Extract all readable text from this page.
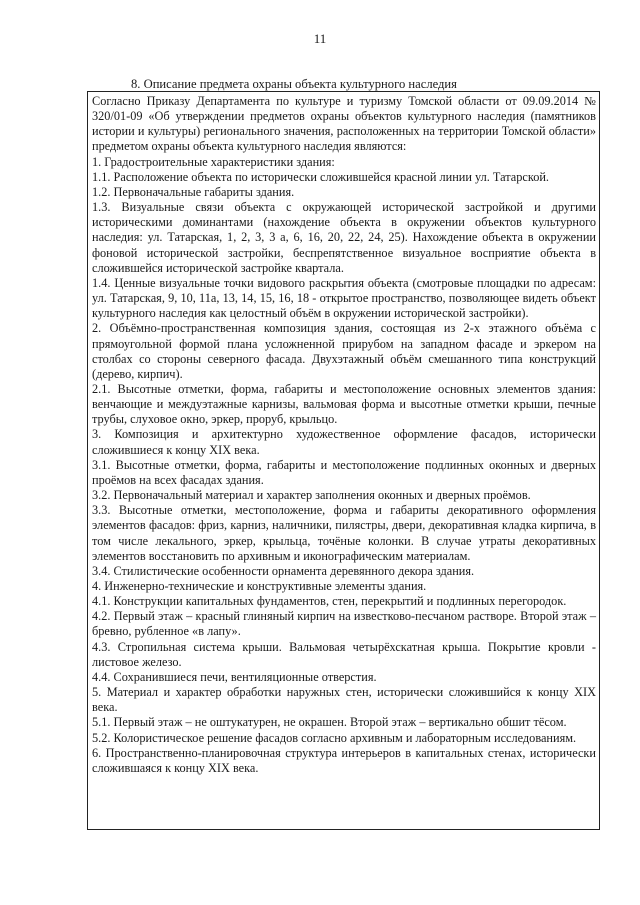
11
8. Описание предмета охраны объекта культурного наследия

Согласно Приказу Департамента по культуре и туризму Томской области от 09.09.2014 № 320/01-09 «Об утверждении предметов охраны объектов культурного наследия (памятников истории и культуры) регионального значения, расположенных на территории Томской области» предметом охраны объекта культурного наследия являются:

1. Градостроительные характеристики здания:

1.1. Расположение объекта по исторически сложившейся красной линии ул. Татарской.

1.2. Первоначальные габариты здания.

1.3. Визуальные связи объекта с окружающей исторической застройкой и другими историческими доминантами (нахождение объекта в окружении объектов культурного наследия: ул. Татарская, 1, 2, 3, 3 а, 6, 16, 20, 22, 24, 25). Нахождение объекта в окружении фоновой исторической застройки, беспрепятственное визуальное восприятие объекта в сложившейся исторической застройке квартала.

1.4. Ценные визуальные точки видового раскрытия объекта (смотровые площадки по адресам: ул. Татарская, 9, 10, 11а, 13, 14, 15, 16, 18 - открытое пространство, позволяющее видеть объект культурного наследия как целостный объём в окружении исторической застройки).

2. Объёмно-пространственная композиция здания, состоящая из 2-х этажного объёма с прямоугольной формой плана усложненной прирубом на западном фасаде и эркером на столбах со стороны северного фасада. Двухэтажный объём смешанного типа конструкций (дерево, кирпич).

2.1. Высотные отметки, форма, габариты и местоположение основных элементов здания: венчающие и междуэтажные карнизы, вальмовая форма и высотные отметки крыши, печные трубы, слуховое окно, эркер, проруб, крыльцо.

3. Композиция и архитектурно художественное оформление фасадов, исторически сложившиеся к концу XIX века.

3.1. Высотные отметки, форма, габариты и местоположение подлинных оконных и дверных проёмов на всех фасадах здания.

3.2. Первоначальный материал и характер заполнения оконных и дверных проёмов.

3.3. Высотные отметки, местоположение, форма и габариты декоративного оформления элементов фасадов: фриз, карниз, наличники, пилястры, двери, декоративная кладка кирпича, в том числе лекального, эркер, крыльца, точёные колонки. В случае утраты декоративных элементов восстановить по архивным и иконографическим материалам.

3.4. Стилистические особенности орнамента деревянного декора здания.

4. Инженерно-технические и конструктивные элементы здания.

4.1. Конструкции капитальных фундаментов, стен, перекрытий и подлинных перегородок.

4.2. Первый этаж – красный глиняный кирпич на известково-песчаном растворе. Второй этаж – бревно, рубленное «в лапу».

4.3. Стропильная система крыши. Вальмовая четырёхскатная крыша. Покрытие кровли - листовое железо.

4.4. Сохранившиеся печи, вентиляционные отверстия.

5. Материал и характер обработки наружных стен, исторически сложившийся к концу XIX века.

5.1. Первый этаж – не оштукатурен, не окрашен. Второй этаж – вертикально обшит тёсом.

5.2. Колористическое решение фасадов согласно архивным и лабораторным исследованиям.

6. Пространственно-планировочная структура интерьеров в капитальных стенах, исторически сложившаяся к концу XIX века.
